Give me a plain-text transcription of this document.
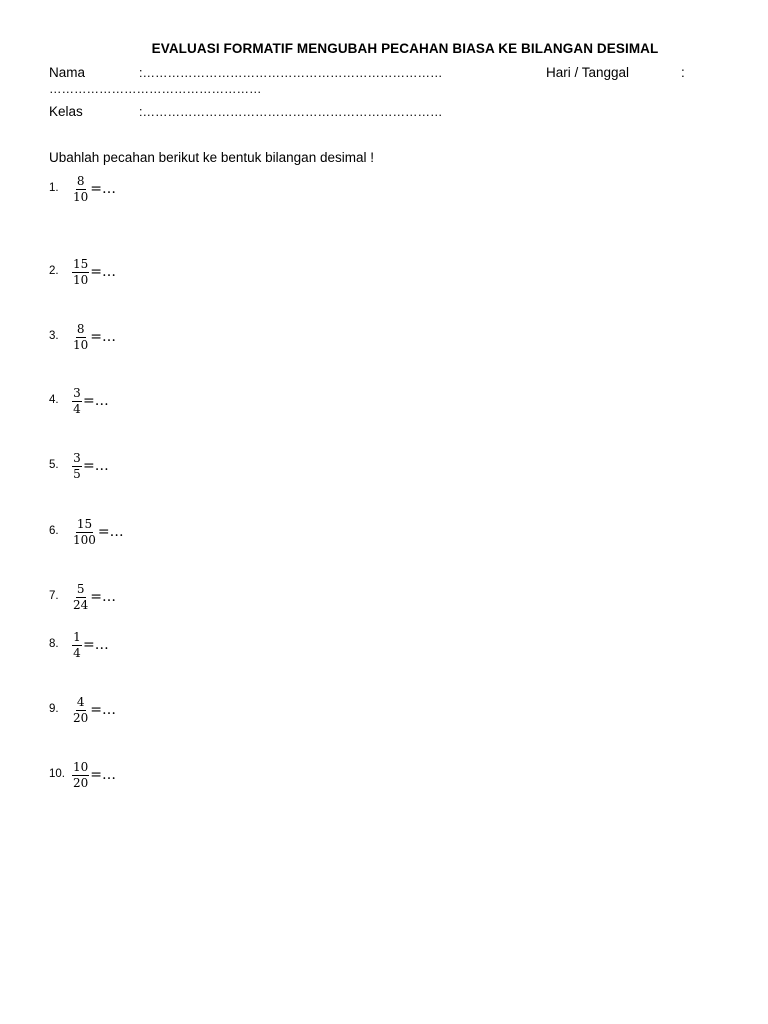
EVALUASI FORMATIF MENGUBAH PECAHAN BIASA KE BILANGAN DESIMAL
Nama	:………………………………………………………………	Hari / Tanggal	:
……………………………………………
Kelas	:………………………………………………………………
Ubahlah pecahan berikut ke bentuk bilangan desimal !
1. $\frac{8}{10}$ =…
2. $\frac{15}{10}$ =…
3. $\frac{8}{10}$ =…
4. $\frac{3}{4}$ =…
5. $\frac{3}{5}$ =…
6. $\frac{15}{100}$ =…
7. $\frac{5}{24}$ =…
8. $\frac{1}{4}$ =…
9. $\frac{4}{20}$ =…
10. $\frac{10}{20}$ =…
